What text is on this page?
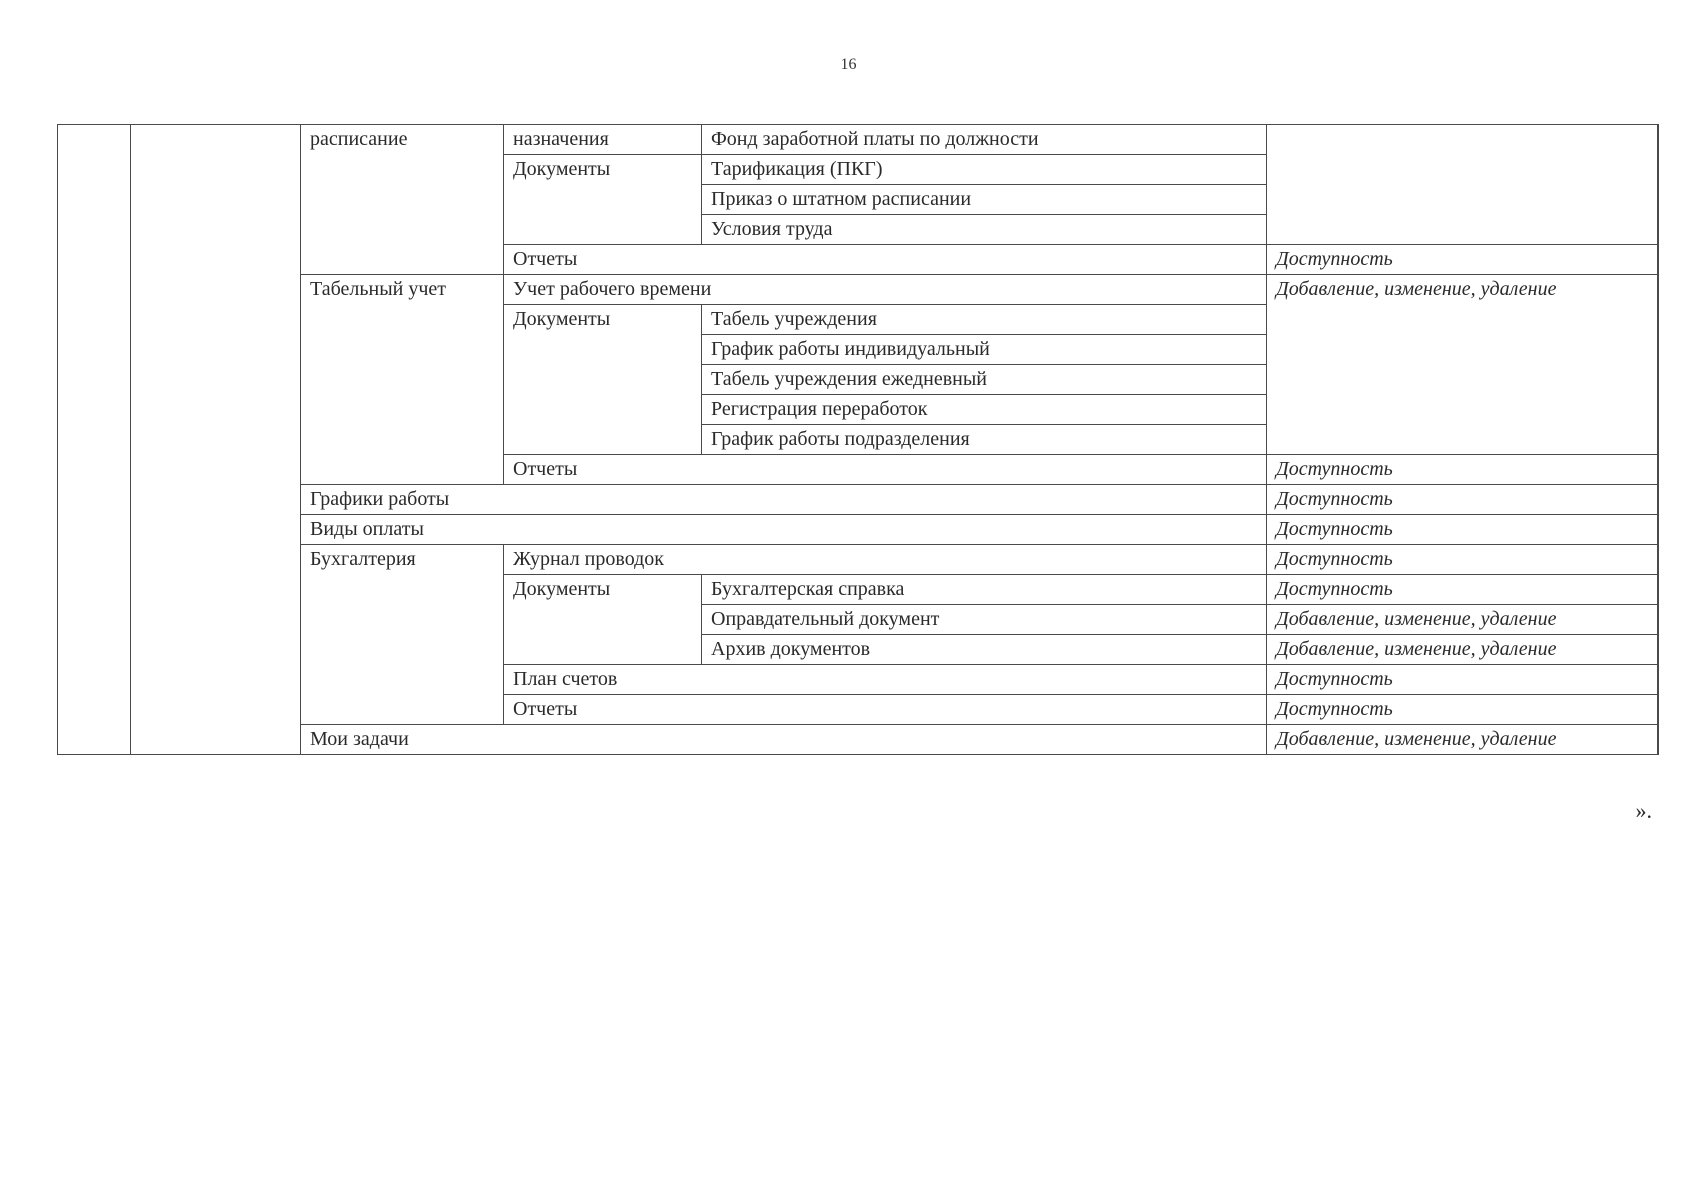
16
		расписание	назначения	Фонд заработной платы по должности	
			Документы	Тарификация (ПКГ)	
				Приказ о штатном расписании	
				Условия труда	
			Отчеты		Доступность
		Табельный учет	Учет рабочего времени		Добавление, изменение, удаление
			Документы	Табель учреждения	
				График работы индивидуальный	
				Табель учреждения ежедневный	
				Регистрация переработок	
				График работы подразделения	
			Отчеты		Доступность
		Графики работы			Доступность
		Виды оплаты			Доступность
		Бухгалтерия	Журнал проводок		Доступность
			Документы	Бухгалтерская справка	Доступность
				Оправдательный документ	Добавление, изменение, удаление
				Архив документов	Добавление, изменение, удаление
			План счетов		Доступность
			Отчеты		Доступность
		Мои задачи			Добавление, изменение, удаление
».
